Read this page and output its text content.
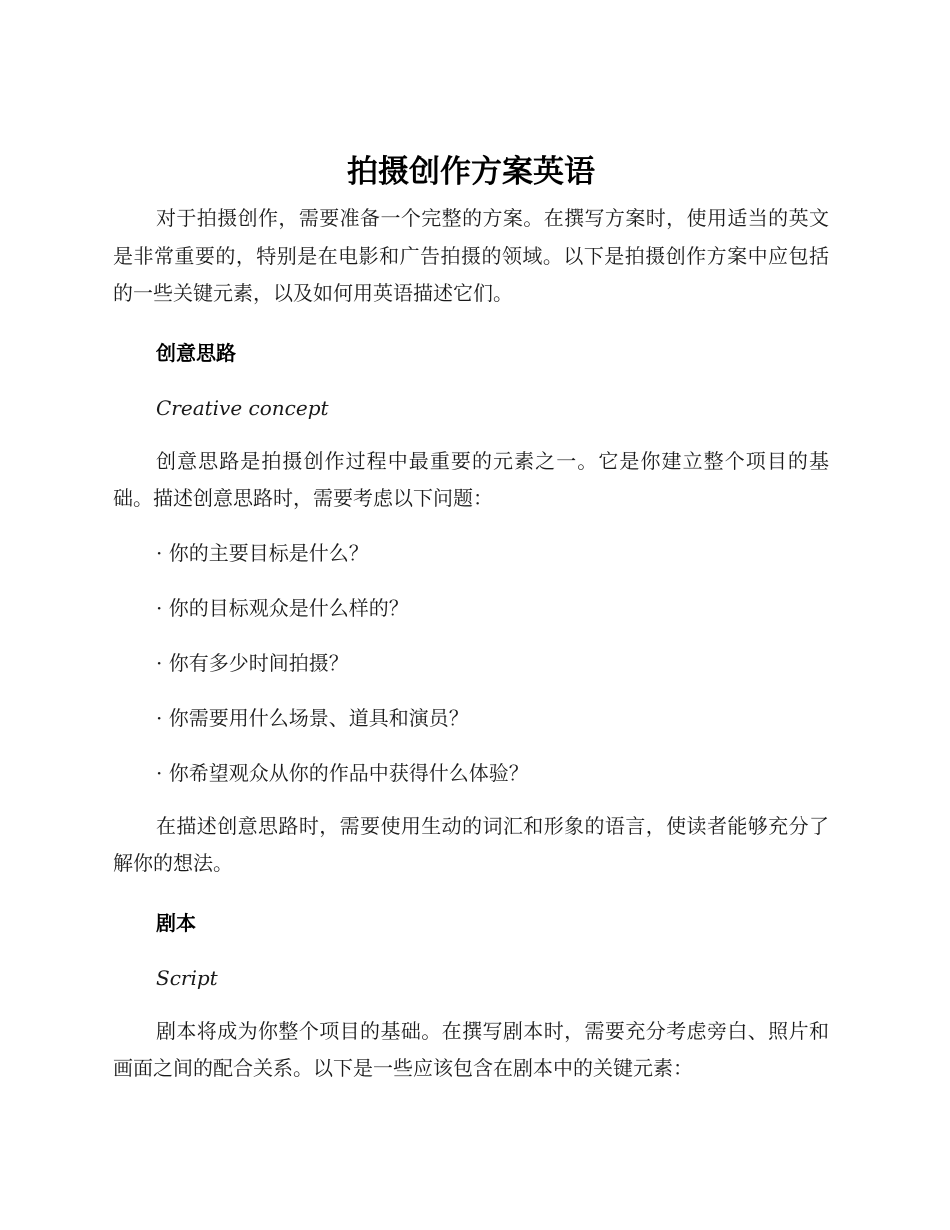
拍摄创作方案英语

对于拍摄创作，需要准备一个完整的方案。在撰写方案时，使用适当的英文是非常重要的，特别是在电影和广告拍摄的领域。以下是拍摄创作方案中应包括的一些关键元素，以及如何用英语描述它们。

创意思路

Creative concept

创意思路是拍摄创作过程中最重要的元素之一。它是你建立整个项目的基础。描述创意思路时，需要考虑以下问题：

· 你的主要目标是什么？

· 你的目标观众是什么样的？

· 你有多少时间拍摄？

· 你需要用什么场景、道具和演员？

· 你希望观众从你的作品中获得什么体验？

在描述创意思路时，需要使用生动的词汇和形象的语言，使读者能够充分了解你的想法。

剧本

Script

剧本将成为你整个项目的基础。在撰写剧本时，需要充分考虑旁白、照片和画面之间的配合关系。以下是一些应该包含在剧本中的关键元素：
